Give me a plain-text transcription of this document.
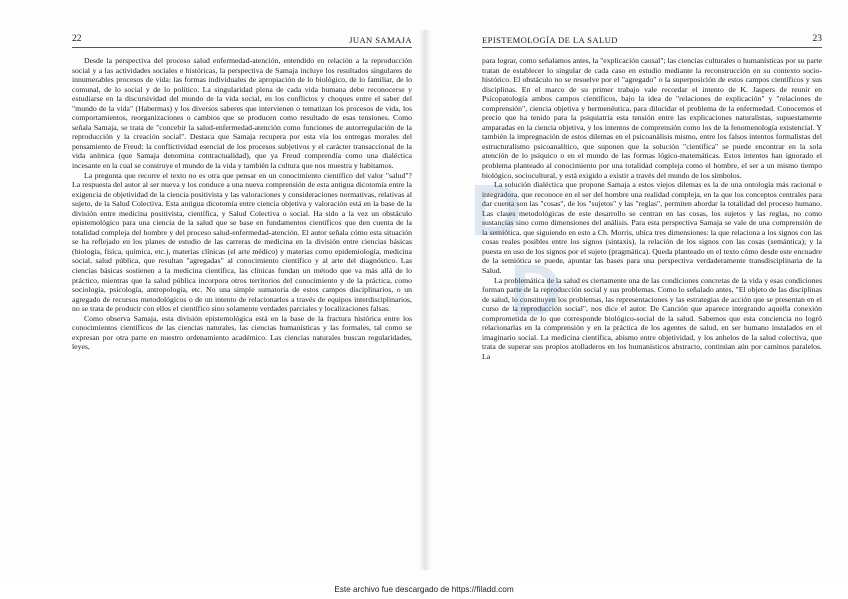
22	JUAN SAMAJA

Desde la perspectiva del proceso salud enfermedad-atención, entendido en relación a la reproducción social y a las actividades sociales e históricas, la perspectiva de Samaja incluye los resultados singulares de innumerables procesos de vida: las formas individuales de apropiación de lo biológico, de lo familiar, de lo comunal, de lo social y de lo político. La singularidad plena de cada vida humana debe reconocerse y estudiarse en la discursividad del mundo de la vida social, en los conflictos y choques entre el saber del "mundo de la vida" (Habermas) y los diversos saberes que intervienen o tematizan los procesos de vida, los comportamientos, reorganizaciones o cambios que se producen como resultado de esas tensiones. Como señala Samaja, se trata de "concebir la salud-enfermedad-atención como funciones de autorregulación de la reproducción y la creación social". Destaca que Samaja recupera por esta vía los entregas morales del pensamiento de Freud: la conflictividad esencial de los procesos subjetivos y el carácter transaccional de la vida anímica (que Samaja denomina contractualidad), que ya Freud comprendía como una dialéctica incesante en la cual se construye el mundo de la vida y también la cultura que nos muestra y habitamos.

La pregunta que recorre el texto no es otra que pensar en un conocimiento científico del valor "salud"? La respuesta del autor al ser nueva y los conduce a una nueva comprensión de esta antigua dicotomía entre la exigencia de objetividad de la ciencia positivista y las valoraciones y consideraciones normativas, relativas al sujeto, de la Salud Colectiva. Esta antigua dicotomía entre ciencia objetiva y valoración está en la base de la división entre medicina positivista, científica, y Salud Colectiva o social. Ha sido a la vez un obstáculo epistemológico para una ciencia de la salud que se base en fundamentos científicos que den cuenta de la totalidad compleja del hombre y del proceso salud-enfermedad-atención. El autor señala cómo esta situación se ha reflejado en los planes de estudio de las carreras de medicina en la división entre ciencias básicas (biología, física, química, etc.), materias clínicas (el arte médico) y materias como epidemiología, medicina social, salud pública, que resultan "agregadas" al conocimiento científico y al arte del diagnóstico. Las ciencias básicas sostienen a la medicina científica, las clínicas fundan un método que va más allá de lo práctico, mientras que la salud pública incorpora otros territorios del conocimiento y de la práctica, como sociología, psicología, antropología, etc. No una simple sumatoria de estos campos disciplinarios, o un agregado de recursos metodológicos o de un intento de relacionarlos a través de equipos interdisciplinarios, no se trata de producir con ellos el científico sino solamente verdades parciales y localizaciones falsas.

Como observa Samaja, esta división epistemológica está en la base de la fractura histórica entre los conocimientos científicos de las ciencias naturales, las ciencias humanísticas y las formales, tal como se expresan por otra parte en nuestro ordenamiento académico. Las ciencias naturales buscan regularidades, leyes,

EPISTEMOLOGÍA DE LA SALUD	23

para lograr, como señalamos antes, la "explicación causal"; las ciencias culturales o humanísticas por su parte tratan de establecer lo singular de cada caso en estudio mediante la reconstrucción en su contexto socio-histórico. El obstáculo no se resuelve por el "agregado" o la superposición de estos campos científicos y sus disciplinas. En el marco de su primer trabajo vale recordar el intento de K. Jaspers de reunir en Psicopatología ambos campos científicos, bajo la idea de "relaciones de explicación" y "relaciones de comprensión", ciencia objetiva y hermenéutica, para dilucidar el problema de la enfermedad. Conocemos el precio que ha tenido para la psiquiatría esta tensión entre las explicaciones naturalistas, supuestamente amparadas en la ciencia objetiva, y los intentos de comprensión como los de la fenomenología existencial. Y también la impregnación de estos dilemas en el psicoanálisis mismo, entre los falsos intentos formalistas del estructuralismo psicoanalítico, que suponen que la solución "científica" se puede encontrar en la sola atención de lo psíquico o en el mundo de las formas lógico-matemáticas. Estos intentos han ignorado el problema planteado al conocimiento por una totalidad compleja como el hombre, el ser a un mismo tiempo biológico, sociocultural, y está exigido a existir a través del mundo de los símbolos.

La solución dialéctica que propone Samaja a estos viejos dilemas es la de una ontología más racional e integradora, que reconoce en el ser del hombre una realidad compleja, en la que los conceptos centrales para dar cuenta son las "cosas", de los "sujetos" y las "reglas", permiten abordar la totalidad del proceso humano. Las clases metodológicas de este desarrollo se centran en las cosas, los sujetos y las reglas, no como sustancias sino como dimensiones del análisis. Para esta perspectiva Samaja se vale de una comprensión de la semiótica, que siguiendo en esto a Ch. Morris, ubica tres dimensiones: la que relaciona a los signos con las cosas reales posibles entre los signos (sintaxis), la relación de los signos con las cosas (semántica); y la puesta en uso de los signos por el sujeto (pragmática). Queda planteado en el texto cómo desde este encuadre de la semiótica se puede, apuntar las bases para una perspectiva verdaderamente transdisciplinaria de la Salud.

La problemática de la salud es ciertamente una de las condiciones concretas de la vida y esas condiciones forman parte de la reproducción social y sus problemas. Como lo señalado antes, "El objeto de las disciplinas de salud, lo constituyen los problemas, las representaciones y las estrategias de acción que se presentan en el curso de la reproducción social", nos dice el autor. De Canción que aparece integrando aquella conexión comprometida de lo que corresponde biológico-social de la salud. Sabemos que esta conciencia no logró relacionarlas en la comprensión y en la práctica de los agentes de salud, en ser humano instalados en el imaginario social. La medicina científica, abismo entre objetividad, y los anhelos de la salud colectiva, que trata de superar sus propios atolladeros en los humanísticos abstracto, continúan aún por caminos paralelos. La

D
D
Este archivo fue descargado de https://filadd.com
